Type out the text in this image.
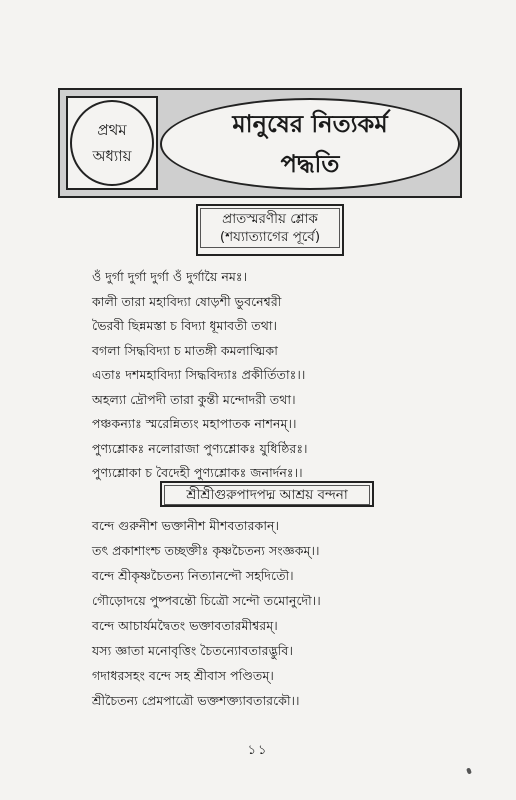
প্রথম
অধ্যায়
মানুষের নিত্যকর্ম
পদ্ধতি
প্রাতস্মরণীয় শ্লোক
(শয্যাত্যাগের পূর্বে)
ওঁ দুর্গা দুর্গা দুর্গা ওঁ দুর্গায়ৈ নমঃ।
কালী তারা মহাবিদ্যা ষোড়শী ভুবনেশ্বরী
ভৈরবী ছিন্নমস্তা চ বিদ্যা ধূমাবতী তথা।
বগলা সিদ্ধবিদ্যা চ মাতঙ্গী কমলাত্মিকা
এতাঃ দশমহাবিদ্যা সিদ্ধবিদ্যাঃ প্রকীর্তিতাঃ।।
অহল্যা দ্রৌপদী তারা কুন্তী মন্দোদরী তথা।
পঞ্চকন্যাঃ স্মরেন্নিত্যং মহাপাতক নাশনম্।।
পুণ্যশ্লোকঃ নলোরাজা পুণ্যশ্লোকঃ যুধিষ্ঠিরঃ।
পুণ্যশ্লোকা চ বৈদেহী পুণ্যশ্লোকঃ জনার্দনঃ।।
শ্রীশ্রীগুরুপাদপদ্ম আশ্রয় বন্দনা
বন্দে গুরুনীশ ভক্তানীশ মীশবতারকান্।
তৎ প্রকাশাংশ্চ তচ্ছক্তীঃ কৃষ্ণচৈতন্য সংজ্ঞকম্।।
বন্দে শ্রীকৃষ্ণচৈতন্য নিত্যানন্দৌ সহদিতৌ।
গৌড়োদয়ে পুষ্পবন্তৌ চিত্রৌ সন্দৌ তমোনুদৌ।।
বন্দে আচার্যমদ্বৈতং ভক্তাবতারমীশ্বরম্।
যস্য জ্ঞাতা মনোবৃত্তিং চৈতন্যোবতারদ্ভুবি।
গদাধরসহং বন্দে সহ শ্রীবাস পণ্ডিতম্।
শ্রীচৈতন্য প্রেমপাত্রৌ ভক্তশক্ত্যাবতারকৌ।।
১১
